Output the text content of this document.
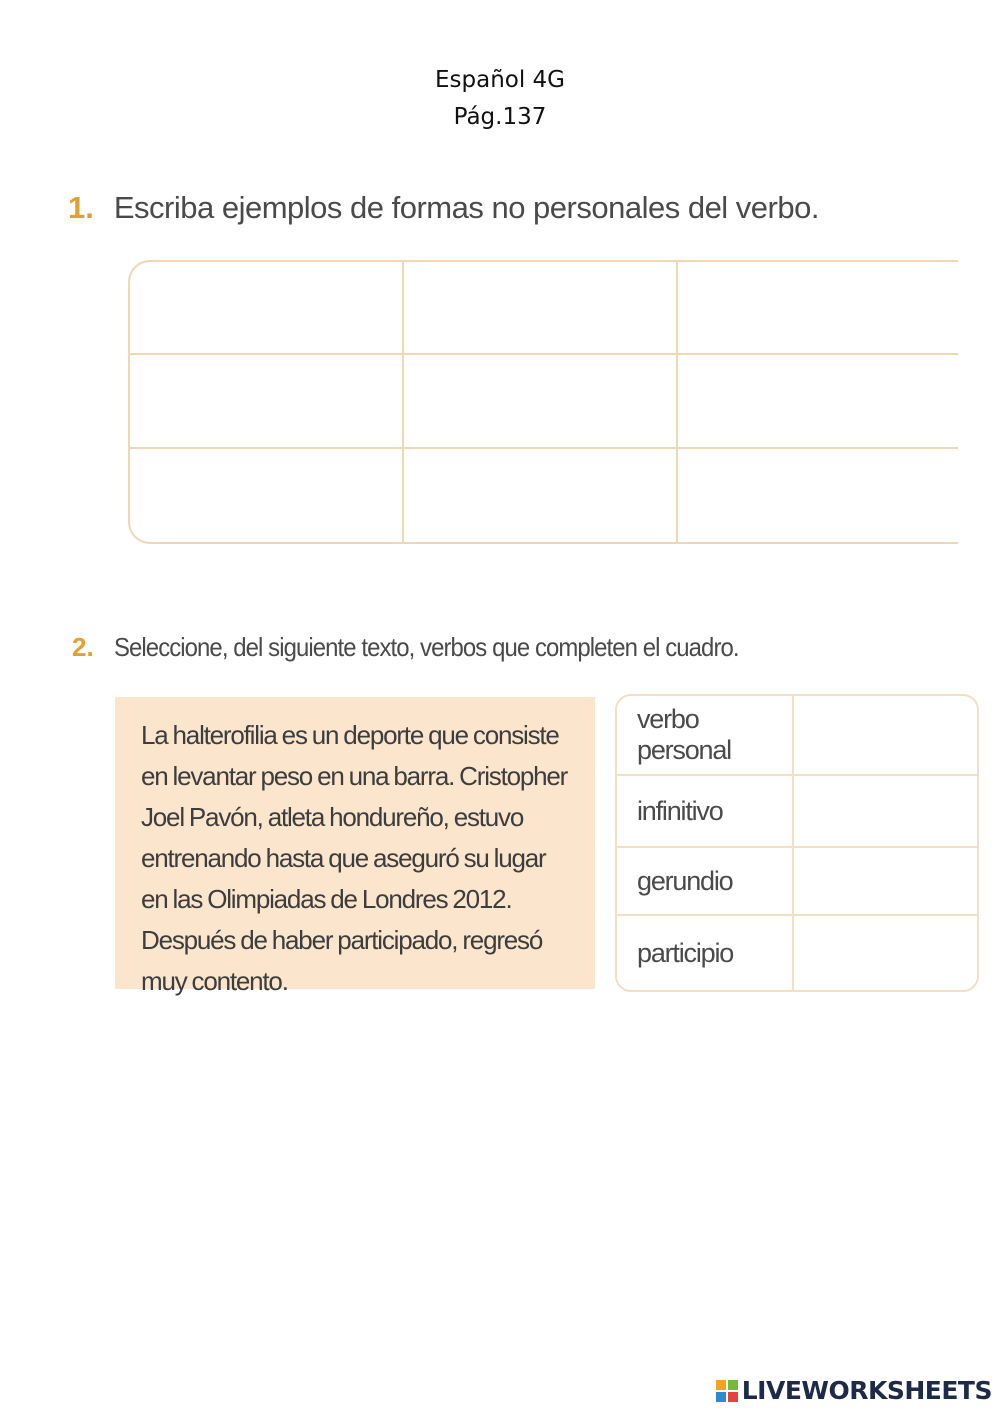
Español 4G
Pág.137
1. Escriba ejemplos de formas no personales del verbo.
2. Seleccione, del siguiente texto, verbos que completen el cuadro.

La halterofilia es un deporte que consiste en levantar peso en una barra. Cristopher Joel Pavón, atleta hondureño, estuvo entrenando hasta que aseguró su lugar en las Olimpiadas de Londres 2012. Después de haber participado, regresó muy contento.

verbo personal
infinitivo
gerundio
participio
LIVEWORKSHEETS
